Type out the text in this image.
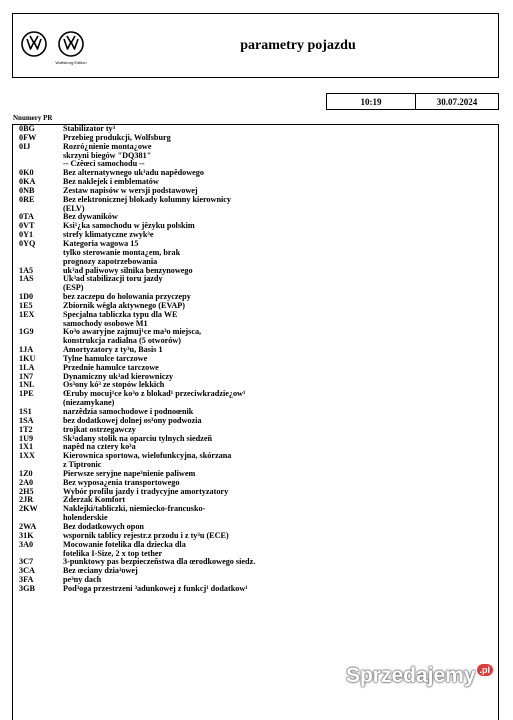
Wolfsburg Edition
parametry pojazdu
10:19	30.07.2024
Nnumery PR
0BG	Stabilizator ty³
0FW	Przebieg produkcji, Wolfsburg
0IJ	Rozró¿nienie monta¿owe
skrzyni biegów "DQ381"
-- Czêœci samochodu --
0K0	Bez alternatywnego uk³adu napêdowego
0KA	Bez naklejek i emblematów
0NB	Zestaw napisów w wersji podstawowej
0RE	Bez elektronicznej blokady kolumny kierownicy
(ELV)
0TA	Bez dywaników
0VT	Ksi¹¿ka samochodu w jêzyku polskim
0Y1	strefy klimatyczne zwyk³e
0YQ	Kategoria wagowa 15
tylko sterowanie monta¿em, brak
prognozy zapotrzebowania
1A5	uk³ad paliwowy silnika benzynowego
1AS	Uk³ad stabilizacji toru jazdy
(ESP)
1D0	bez zaczepu do holowania przyczepy
1E5	Zbiornik wêgla aktywnego (EVAP)
1EX	Specjalna tabliczka typu dla WE
samochody osobowe M1
1G9	Ko³o awaryjne zajmuj¹ce ma³o miejsca,
konstrukcja radialna (5 otworów)
1JA	Amortyzatory z ty³u, Basis 1
1KU	Tylne hamulce tarczowe
1LA	Przednie hamulce tarczowe
1N7	Dynamiczny uk³ad kierowniczy
1NL	Os³ony kó³ ze stopów lekkich
1PE	Œruby mocuj¹ce ko³o z blokad¹ przeciwkradzie¿ow¹
(niezamykane)
1S1	narzêdzia samochodowe i podnoœnik
1SA	bez dodatkowej dolnej os³ony podwozia
1T2	trojkat ostrzegawczy
1U9	Sk³adany stolik na oparciu tylnych siedzeñ
1X1	napêd na cztery ko³a
1XX	Kierownica sportowa, wielofunkcyjna, skórzana
z Tiptronic
1Z0	Pierwsze seryjne nape³nienie paliwem
2A0	Bez wyposa¿enia transportowego
2H5	Wybór profilu jazdy i tradycyjne amortyzatory
2JR	Zderzak Komfort
2KW	Naklejki/tabliczki, niemiecko-francusko-
holenderskie
2WA	Bez dodatkowych opon
31K	wspornik tablicy rejestr.z przodu i z ty³u (ECE)
3A0	Mocowanie fotelika dla dziecka dla
fotelika I-Size, 2 x top tether
3C7	3-punktowy pas bezpieczeñstwa dla œrodkowego siedz.
3CA	Bez œciany dzia³owej
3FA	pe³ny dach
3GB	Pod³oga przestrzeni ³adunkowej z funkcj¹ dodatkow¹
Sprzedajemy .pl
